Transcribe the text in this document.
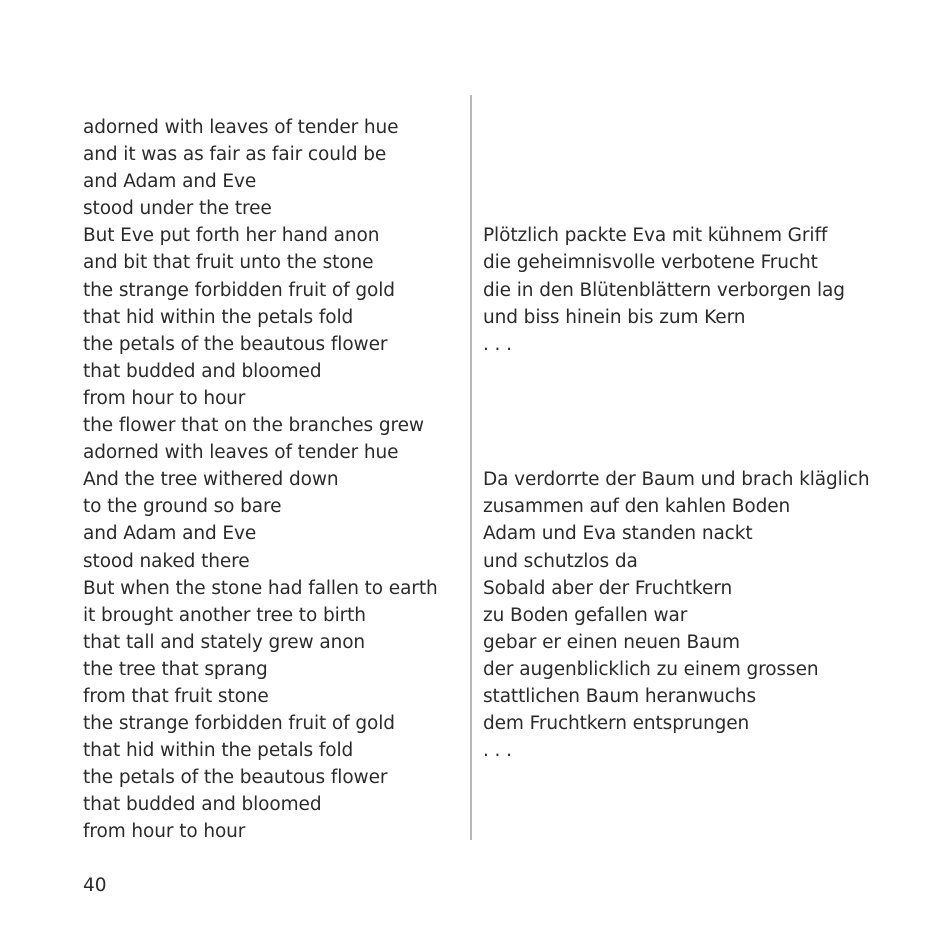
adorned with leaves of tender hue
and it was as fair as fair could be
and Adam and Eve
stood under the tree
But Eve put forth her hand anon
and bit that fruit unto the stone
the strange forbidden fruit of gold
that hid within the petals fold
the petals of the beautous flower
that budded and bloomed
from hour to hour
the flower that on the branches grew
adorned with leaves of tender hue
And the tree withered down
to the ground so bare
and Adam and Eve
stood naked there
But when the stone had fallen to earth
it brought another tree to birth
that tall and stately grew anon
the tree that sprang
from that fruit stone
the strange forbidden fruit of gold
that hid within the petals fold
the petals of the beautous flower
that budded and bloomed
from hour to hour
Plötzlich packte Eva mit kühnem Griff
die geheimnisvolle verbotene Frucht
die in den Blütenblättern verborgen lag
und biss hinein bis zum Kern
. . .
Da verdorrte der Baum und brach kläglich
zusammen auf den kahlen Boden
Adam und Eva standen nackt
und schutzlos da
Sobald aber der Fruchtkern
zu Boden gefallen war
gebar er einen neuen Baum
der augenblicklich zu einem grossen
stattlichen Baum heranwuchs
dem Fruchtkern entsprungen
. . .
40
